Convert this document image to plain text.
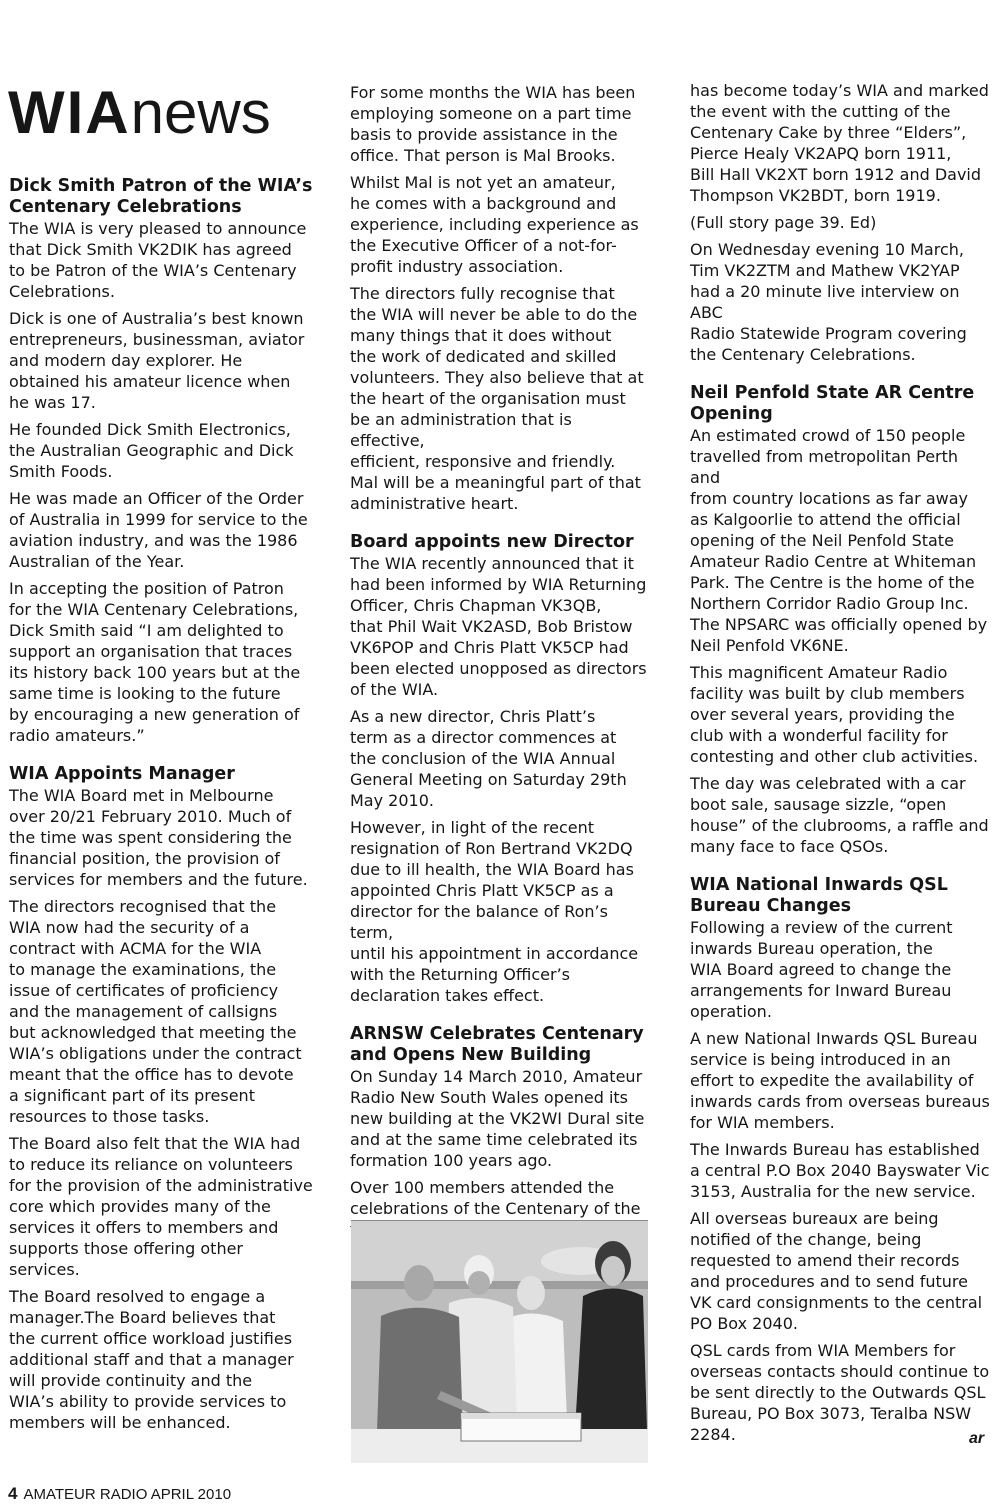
WIAnews
Dick Smith Patron of the WIA’s
Centenary Celebrations

The WIA is very pleased to announce
that Dick Smith VK2DIK has agreed
to be Patron of the WIA’s Centenary
Celebrations.

Dick is one of Australia’s best known
entrepreneurs, businessman, aviator
and modern day explorer. He
obtained his amateur licence when
he was 17.

He founded Dick Smith Electronics,
the Australian Geographic and Dick
Smith Foods.

He was made an Officer of the Order
of Australia in 1999 for service to the
aviation industry, and was the 1986
Australian of the Year.

In accepting the position of Patron
for the WIA Centenary Celebrations,
Dick Smith said “I am delighted to
support an organisation that traces
its history back 100 years but at the
same time is looking to the future
by encouraging a new generation of
radio amateurs.”

WIA Appoints Manager

The WIA Board met in Melbourne
over 20/21 February 2010. Much of
the time was spent considering the
financial position, the provision of
services for members and the future.

The directors recognised that the
WIA now had the security of a
contract with ACMA for the WIA
to manage the examinations, the
issue of certificates of proficiency
and the management of callsigns
but acknowledged that meeting the
WIA’s obligations under the contract
meant that the office has to devote
a significant part of its present
resources to those tasks.

The Board also felt that the WIA had
to reduce its reliance on volunteers
for the provision of the administrative
core which provides many of the
services it offers to members and
supports those offering other
services.

The Board resolved to engage a
manager.The Board believes that
the current office workload justifies
additional staff and that a manager
will provide continuity and the
WIA’s ability to provide services to
members will be enhanced.

For some months the WIA has been
employing someone on a part time
basis to provide assistance in the
office. That person is Mal Brooks.

Whilst Mal is not yet an amateur,
he comes with a background and
experience, including experience as
the Executive Officer of a not-for-
profit industry association.

The directors fully recognise that
the WIA will never be able to do the
many things that it does without
the work of dedicated and skilled
volunteers. They also believe that at
the heart of the organisation must
be an administration that is effective,
efficient, responsive and friendly.
Mal will be a meaningful part of that
administrative heart.

Board appoints new Director

The WIA recently announced that it
had been informed by WIA Returning
Officer, Chris Chapman VK3QB,
that Phil Wait VK2ASD, Bob Bristow
VK6POP and Chris Platt VK5CP had
been elected unopposed as directors
of the WIA.

As a new director, Chris Platt’s
term as a director commences at
the conclusion of the WIA Annual
General Meeting on Saturday 29th
May 2010.

However, in light of the recent
resignation of Ron Bertrand VK2DQ
due to ill health, the WIA Board has
appointed Chris Platt VK5CP as a
director for the balance of Ron’s term,
until his appointment in accordance
with the Returning Officer’s
declaration takes effect.

ARNSW Celebrates Centenary
and Opens New Building

On Sunday 14 March 2010, Amateur
Radio New South Wales opened its
new building at the VK2WI Dural site
and at the same time celebrated its
formation 100 years ago.

Over 100 members attended the
celebrations of the Centenary of the

has become today’s WIA and marked
the event with the cutting of the
Centenary Cake by three “Elders”,
Pierce Healy VK2APQ born 1911,
Bill Hall VK2XT born 1912 and David
Thompson VK2BDT, born 1919.

(Full story page 39. Ed)

On Wednesday evening 10 March,
Tim VK2ZTM and Mathew VK2YAP
had a 20 minute live interview on ABC
Radio Statewide Program covering
the Centenary Celebrations.

Neil Penfold State AR Centre
Opening

An estimated crowd of 150 people
travelled from metropolitan Perth and
from country locations as far away
as Kalgoorlie to attend the official
opening of the Neil Penfold State
Amateur Radio Centre at Whiteman
Park. The Centre is the home of the
Northern Corridor Radio Group Inc.
The NPSARC was officially opened by
Neil Penfold VK6NE.

This magnificent Amateur Radio
facility was built by club members
over several years, providing the
club with a wonderful facility for
contesting and other club activities.

The day was celebrated with a car
boot sale, sausage sizzle, “open
house” of the clubrooms, a raffle and
many face to face QSOs.

WIA National Inwards QSL
Bureau Changes

Following a review of the current
inwards Bureau operation, the
WIA Board agreed to change the
arrangements for Inward Bureau
operation.

A new National Inwards QSL Bureau
service is being introduced in an
effort to expedite the availability of
inwards cards from overseas bureaus
for WIA members.

The Inwards Bureau has established
a central P.O Box 2040 Bayswater Vic
3153, Australia for the new service.

All overseas bureaux are being
notified of the change, being
requested to amend their records
and procedures and to send future
VK card consignments to the central
PO Box 2040.

QSL cards from WIA Members for
overseas contacts should continue to
be sent directly to the Outwards QSL
Bureau, PO Box 3073, Teralba NSW
2284.

4 AMATEUR RADIO APRIL 2010
ar
